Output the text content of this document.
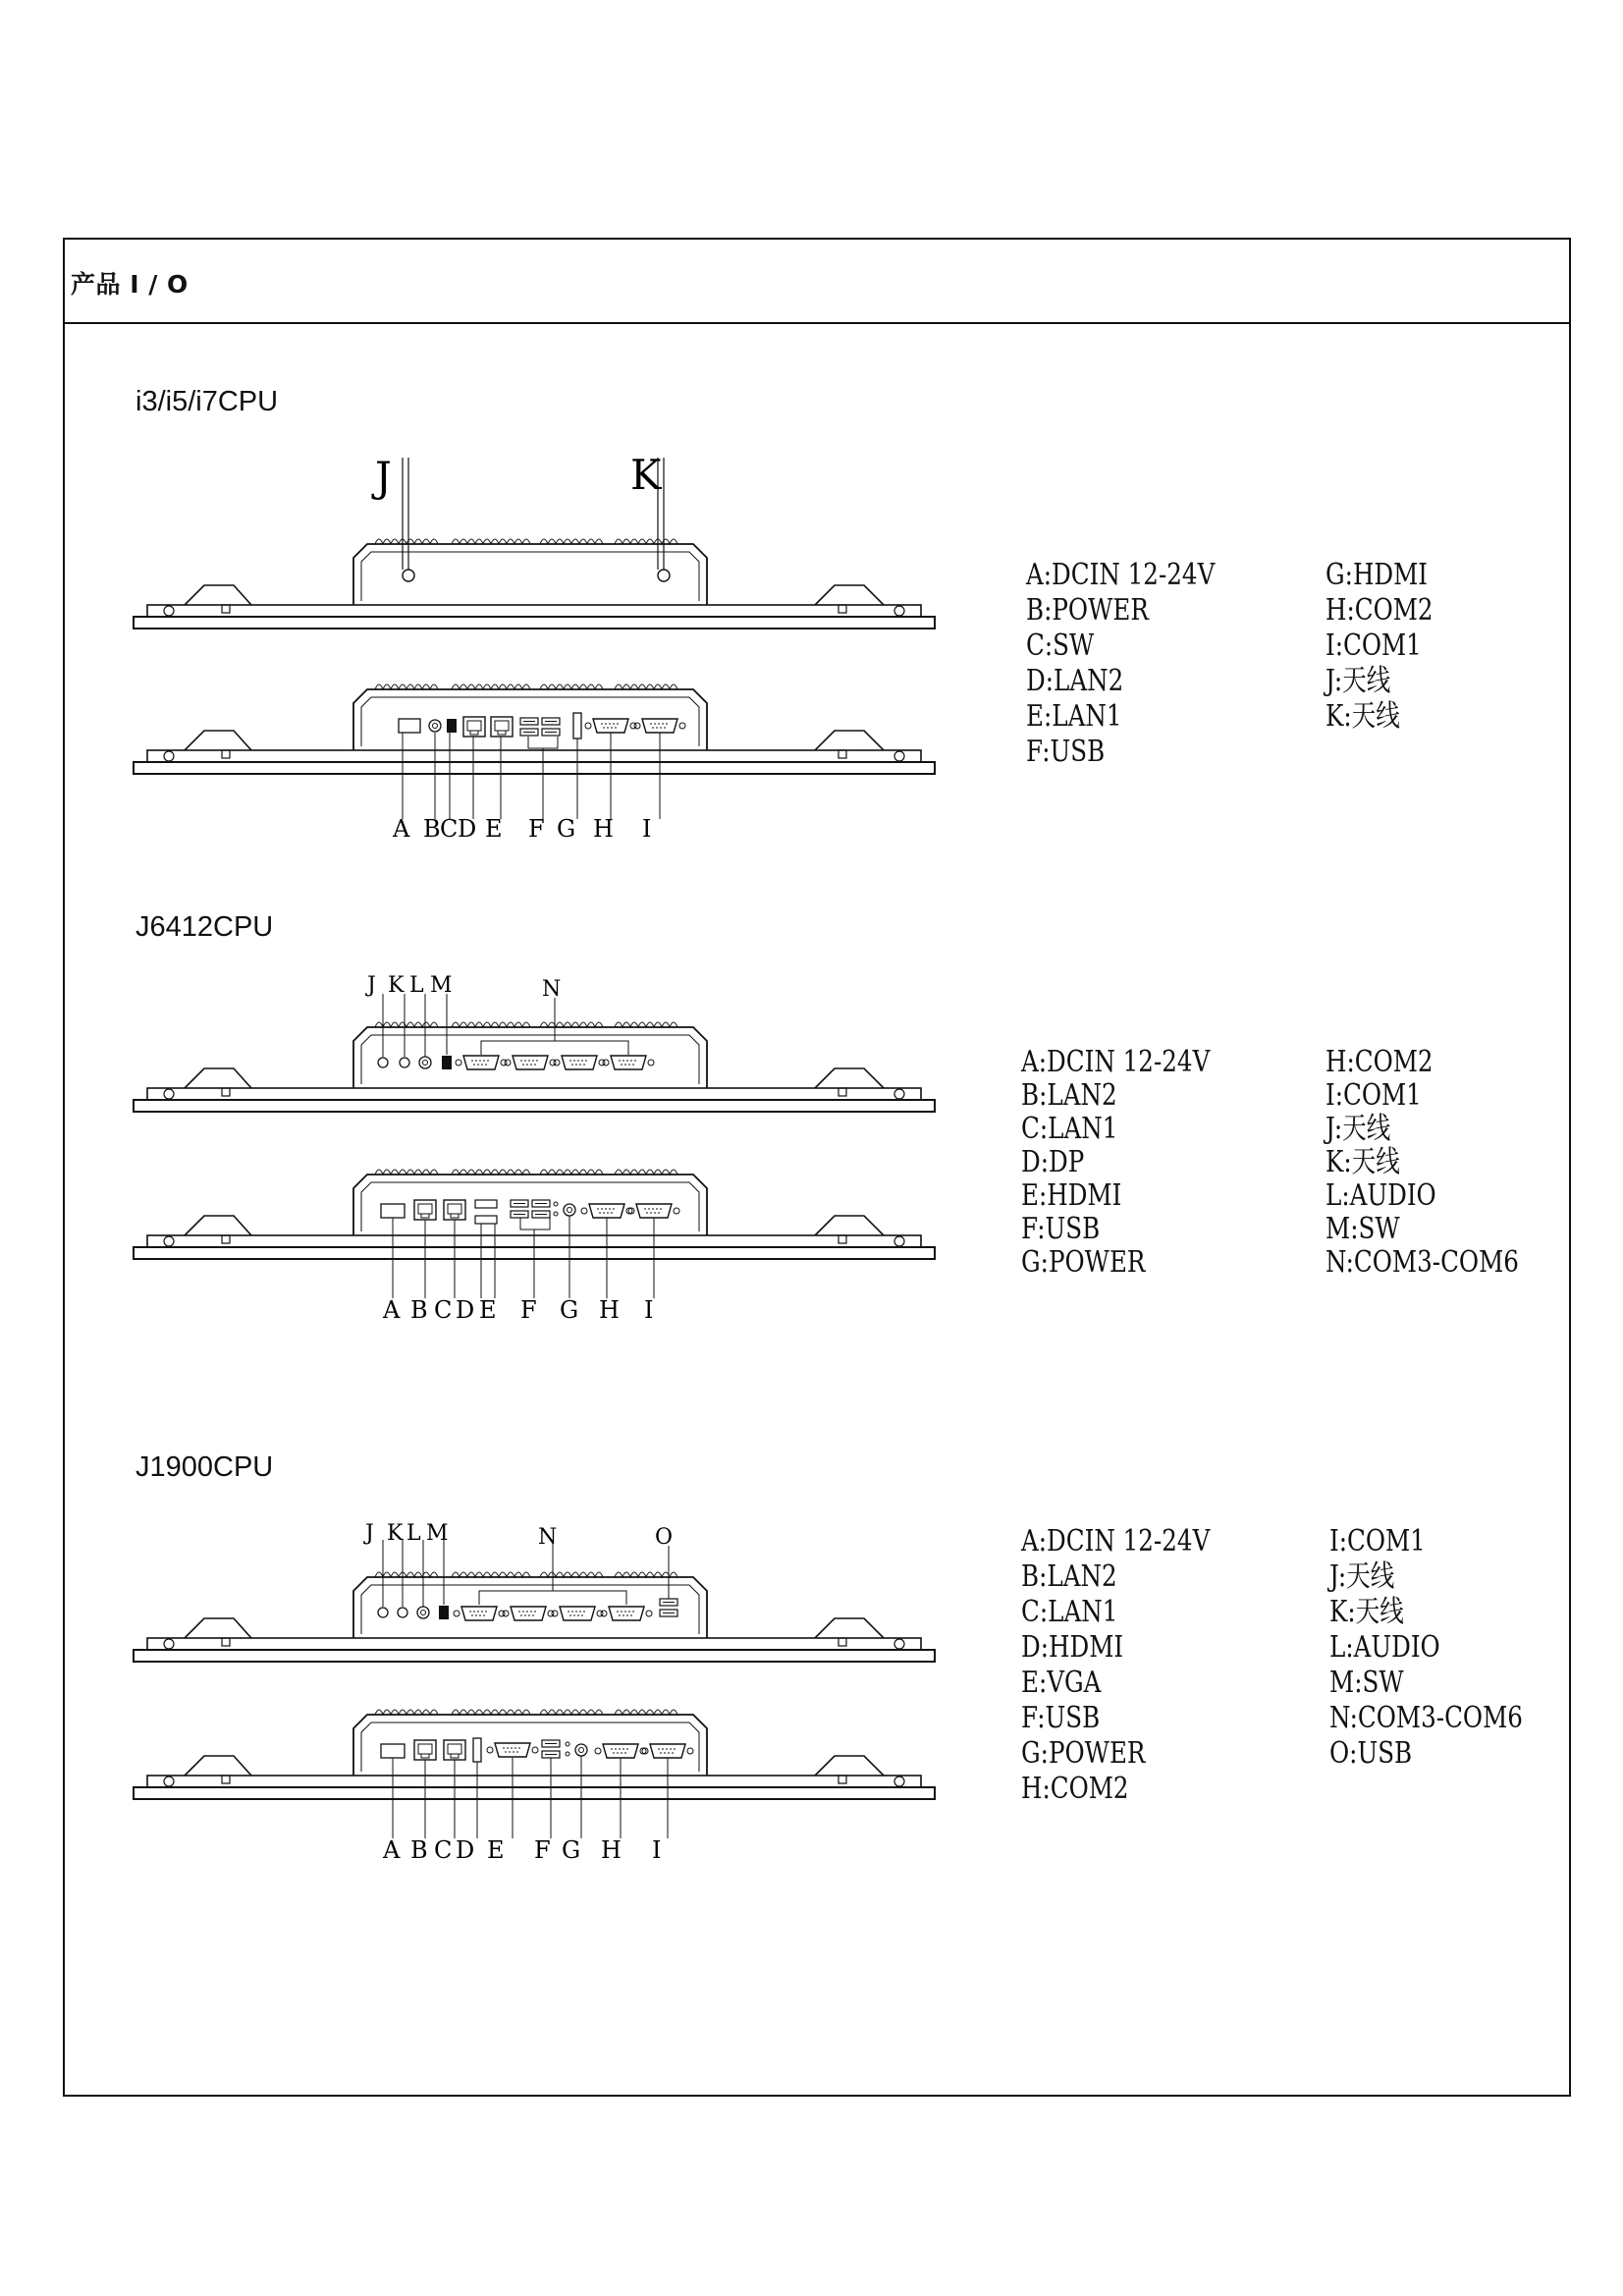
产品 I / O
i3/i5/i7CPU
J	K
A B C D E F G H I
A:DCIN 12-24V
B:POWER
C:SW
D:LAN2
E:LAN1
F:USB
G:HDMI
H:COM2
I:COM1
J:天线
K:天线
J6412CPU
J K L M	N
A B C D E F G H I
A:DCIN 12-24V
B:LAN2
C:LAN1
D:DP
E:HDMI
F:USB
G:POWER
H:COM2
I:COM1
J:天线
K:天线
L:AUDIO
M:SW
N:COM3-COM6
J1900CPU
J K L M	N	O
A B C D E F G H I
A:DCIN 12-24V
B:LAN2
C:LAN1
D:HDMI
E:VGA
F:USB
G:POWER
H:COM2
I:COM1
J:天线
K:天线
L:AUDIO
M:SW
N:COM3-COM6
O:USB
